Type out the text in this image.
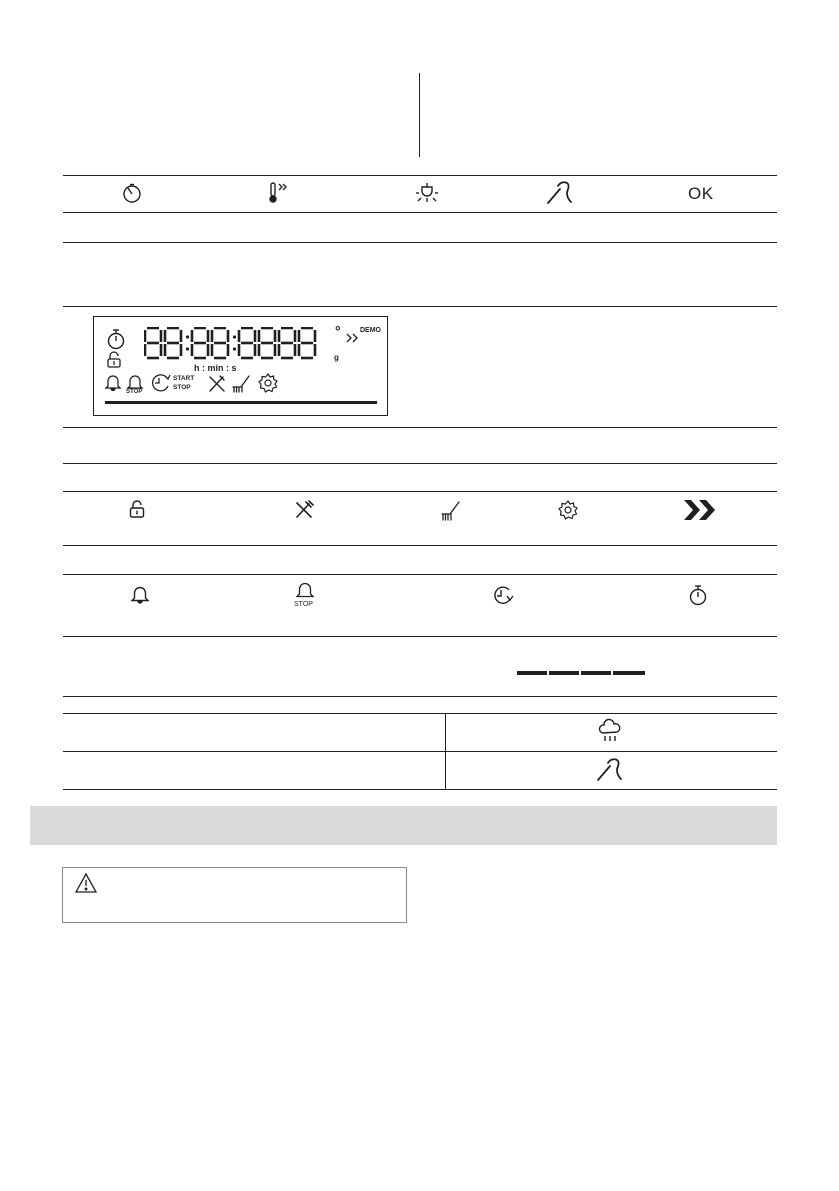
OK
°	DEMO
g
h : min : s
STOP
START
STOP
STOP
